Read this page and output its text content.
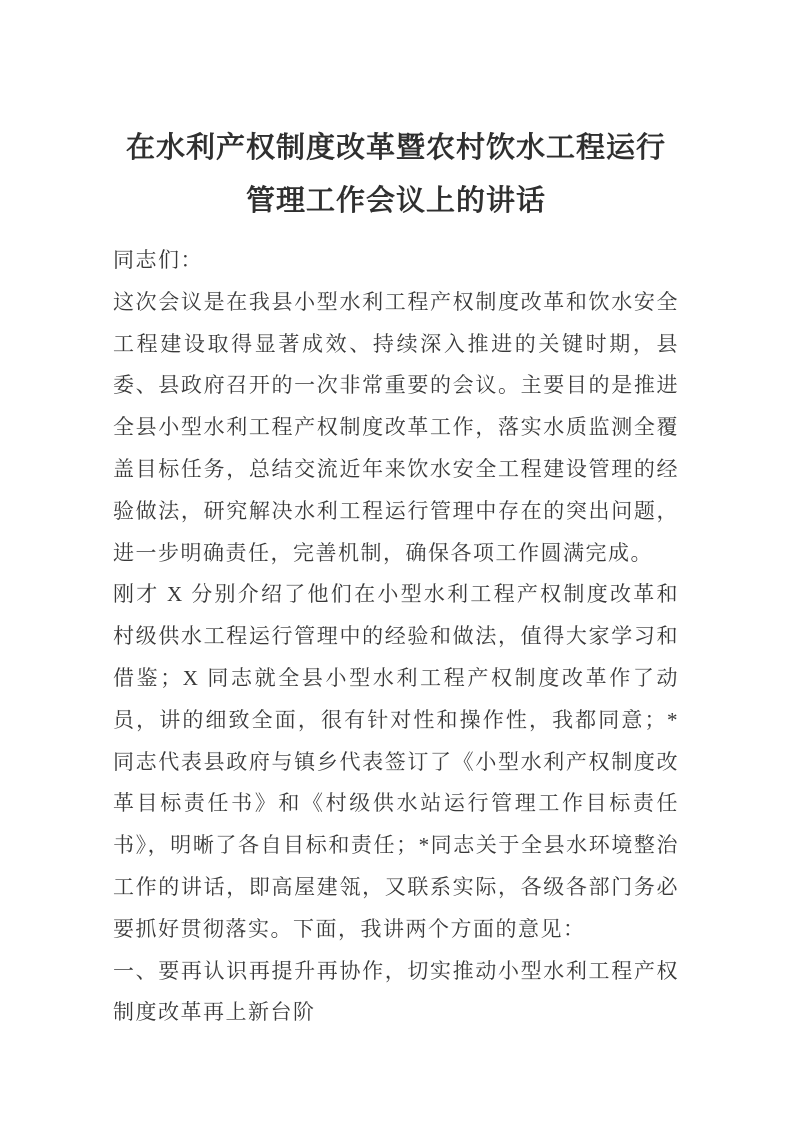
在水利产权制度改革暨农村饮水工程运行
管理工作会议上的讲话

同志们：

这次会议是在我县小型水利工程产权制度改革和饮水安全工程建设取得显著成效、持续深入推进的关键时期，县委、县政府召开的一次非常重要的会议。主要目的是推进全县小型水利工程产权制度改革工作，落实水质监测全覆盖目标任务，总结交流近年来饮水安全工程建设管理的经验做法，研究解决水利工程运行管理中存在的突出问题，进一步明确责任，完善机制，确保各项工作圆满完成。

刚才 X 分别介绍了他们在小型水利工程产权制度改革和村级供水工程运行管理中的经验和做法，值得大家学习和借鉴；X 同志就全县小型水利工程产权制度改革作了动员，讲的细致全面，很有针对性和操作性，我都同意；*同志代表县政府与镇乡代表签订了《小型水利产权制度改革目标责任书》和《村级供水站运行管理工作目标责任书》，明晰了各自目标和责任；*同志关于全县水环境整治工作的讲话，即高屋建瓴，又联系实际，各级各部门务必要抓好贯彻落实。下面，我讲两个方面的意见：

一、要再认识再提升再协作，切实推动小型水利工程产权制度改革再上新台阶
